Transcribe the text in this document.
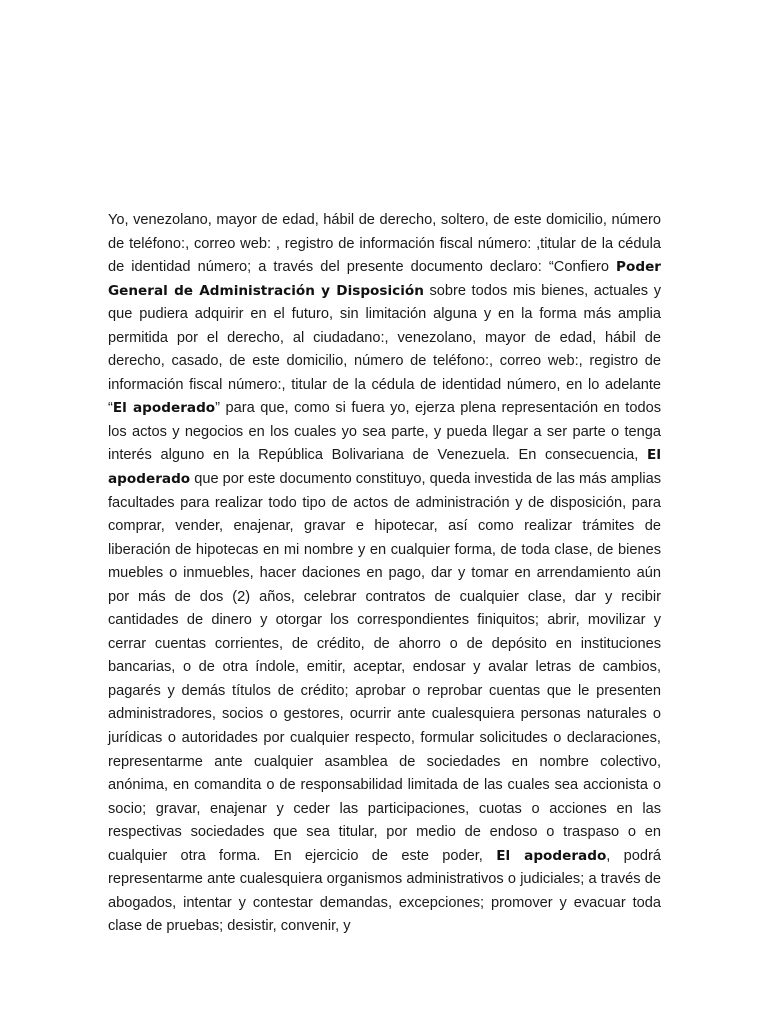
Yo, venezolano, mayor de edad, hábil de derecho, soltero, de este domicilio, número de teléfono:, correo web: , registro de información fiscal número: ,titular de la cédula de identidad número; a través del presente documento declaro: “Confiero Poder General de Administración y Disposición sobre todos mis bienes, actuales y que pudiera adquirir en el futuro, sin limitación alguna y en la forma más amplia permitida por el derecho, al ciudadano:, venezolano, mayor de edad, hábil de derecho, casado, de este domicilio, número de teléfono:, correo web:, registro de información fiscal número:, titular de la cédula de identidad número, en lo adelante “El apoderado” para que, como si fuera yo, ejerza plena representación en todos los actos y negocios en los cuales yo sea parte, y pueda llegar a ser parte o tenga interés alguno en la República Bolivariana de Venezuela. En consecuencia, El apoderado que por este documento constituyo, queda investida de las más amplias facultades para realizar todo tipo de actos de administración y de disposición, para comprar, vender, enajenar, gravar e hipotecar, así como realizar trámites de liberación de hipotecas en mi nombre y en cualquier forma, de toda clase, de bienes muebles o inmuebles, hacer daciones en pago, dar y tomar en arrendamiento aún por más de dos (2) años, celebrar contratos de cualquier clase, dar y recibir cantidades de dinero y otorgar los correspondientes finiquitos; abrir, movilizar y cerrar cuentas corrientes, de crédito, de ahorro o de depósito en instituciones bancarias, o de otra índole, emitir, aceptar, endosar y avalar letras de cambios, pagarés y demás títulos de crédito; aprobar o reprobar cuentas que le presenten administradores, socios o gestores, ocurrir ante cualesquiera personas naturales o jurídicas o autoridades por cualquier respecto, formular solicitudes o declaraciones, representarme ante cualquier asamblea de sociedades en nombre colectivo, anónima, en comandita o de responsabilidad limitada de las cuales sea accionista o socio; gravar, enajenar y ceder las participaciones, cuotas o acciones en las respectivas sociedades que sea titular, por medio de endoso o traspaso o en cualquier otra forma. En ejercicio de este poder, El apoderado, podrá representarme ante cualesquiera organismos administrativos o judiciales; a través de abogados, intentar y contestar demandas, excepciones; promover y evacuar toda clase de pruebas; desistir, convenir, y
